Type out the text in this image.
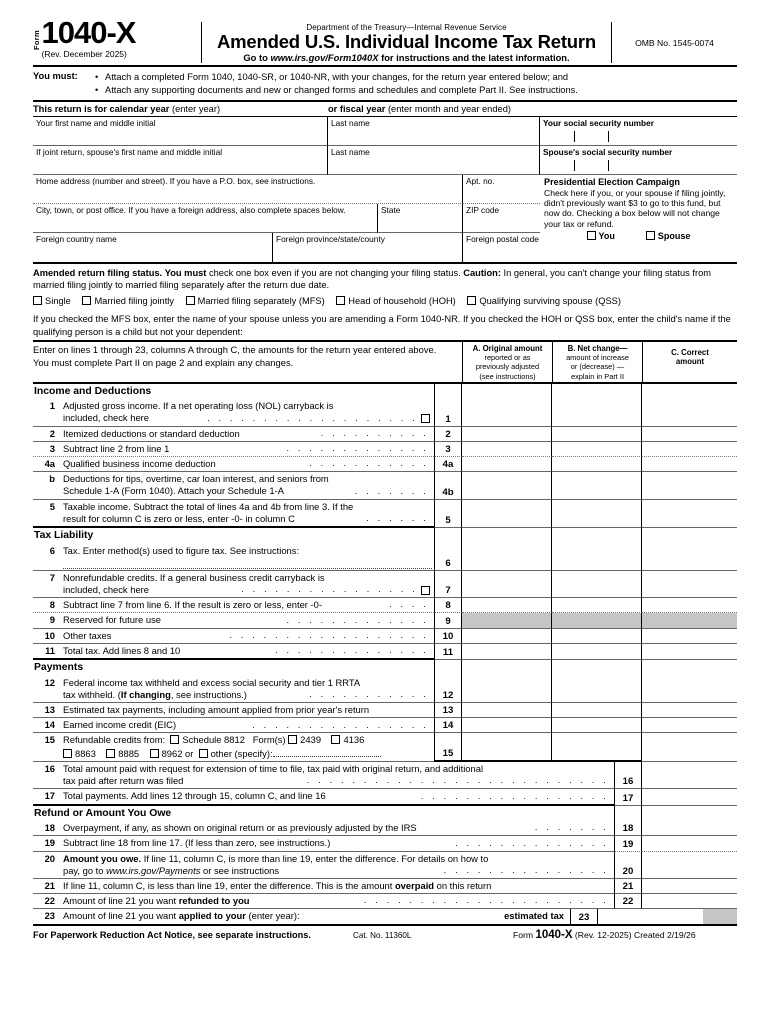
Form 1040-X
(Rev. December 2025)
Department of the Treasury—Internal Revenue Service
Amended U.S. Individual Income Tax Return
Go to www.irs.gov/Form1040X for instructions and the latest information.
OMB No. 1545-0074
You must:	• Attach a completed Form 1040, 1040-SR, or 1040-NR, with your changes, for the return year entered below; and
• Attach any supporting documents and new or changed forms and schedules and complete Part II. See instructions.
This return is for calendar year (enter year)	or fiscal year (enter month and year ended)
Your first name and middle initial	Last name	Your social security number
If joint return, spouse's first name and middle initial	Last name	Spouse's social security number
Home address (number and street). If you have a P.O. box, see instructions.	Apt. no.
City, town, or post office. If you have a foreign address, also complete spaces below.	State	ZIP code
Foreign country name	Foreign province/state/county	Foreign postal code
Presidential Election Campaign
Check here if you, or your spouse if filing jointly, didn't previously want $3 to go to this fund, but now do. Checking a box below will not change your tax or refund.
You	Spouse

Amended return filing status. You must check one box even if you are not changing your filing status. Caution: In general, you can't change your filing status from married filing jointly to married filing separately after the return due date.

Single	Married filing jointly	Married filing separately (MFS)	Head of household (HOH)	Qualifying surviving spouse (QSS)
If you checked the MFS box, enter the name of your spouse unless you are amending a Form 1040-NR. If you checked the HOH or QSS box, enter the child's name if the qualifying person is a child but not your dependent:
Enter on lines 1 through 23, columns A through C, the amounts for the return year entered above.
You must complete Part II on page 2 and explain any changes.
A. Original amount
reported or as
previously adjusted
(see instructions)
B. Net change—
amount of increase
or (decrease) —
explain in Part II
C. Correct
amount
Income and Deductions
1 Adjusted gross income. If a net operating loss (NOL) carryback is
included, check here	. . . . . . . . . . . . . . . . . . .	1
2 Itemized deductions or standard deduction	. . . . . . . . . .	2
3 Subtract line 2 from line 1	. . . . . . . . . . . . .	3
4a Qualified business income deduction	. . . . . . . . . . .	4a
b Deductions for tips, overtime, car loan interest, and seniors from
Schedule 1-A (Form 1040). Attach your Schedule 1-A	. . . . . . .	4b
5 Taxable income. Subtract the total of lines 4a and 4b from line 3. If the
result for column C is zero or less, enter -0- in column C	. . . . . .	5
Tax Liability
6 Tax. Enter method(s) used to figure tax. See instructions:
6
7 Nonrefundable credits. If a general business credit carryback is
included, check here	. . . . . . . . . . . . . . . .	7
8 Subtract line 7 from line 6. If the result is zero or less, enter -0-	. . . .	8
9 Reserved for future use	. . . . . . . . . . . . .	9
10 Other taxes	. . . . . . . . . . . . . . . . . .	10
11 Total tax. Add lines 8 and 10	. . . . . . . . . . . . . .	11
Payments
12 Federal income tax withheld and excess social security and tier 1 RRTA
tax withheld. (If changing, see instructions.)	. . . . . . . . . . .	12
13 Estimated tax payments, including amount applied from prior year's return	13
14 Earned income credit (EIC)	. . . . . . . . . . . . . . . .	14
15 Refundable credits from: Schedule 8812 Form(s) 2439 4136
8863 8885 8962 or other (specify):	15
16 Total amount paid with request for extension of time to file, tax paid with original return, and additional
tax paid after return was filed	. . . . . . . . . . . . . . . . . . . . . . . . . . .	16
17 Total payments. Add lines 12 through 15, column C, and line 16	. . . . . . . . . . . . . . . . .	17
Refund or Amount You Owe
18 Overpayment, if any, as shown on original return or as previously adjusted by the IRS	. . . . . . .	18
19 Subtract line 18 from line 17. (If less than zero, see instructions.)	. . . . . . . . . . . . . .	19
20 Amount you owe. If line 11, column C, is more than line 19, enter the difference. For details on how to
pay, go to www.irs.gov/Payments or see instructions	. . . . . . . . . . . . . . .	20
21 If line 11, column C, is less than line 19, enter the difference. This is the amount overpaid on this return	21
22 Amount of line 21 you want refunded to you	. . . . . . . . . . . . . . . . . . . . . .	22
23 Amount of line 21 you want applied to your (enter year):
	estimated tax	23
For Paperwork Reduction Act Notice, see separate instructions.	Cat. No. 11360L	Form 1040-X (Rev. 12-2025) Created 2/19/26
